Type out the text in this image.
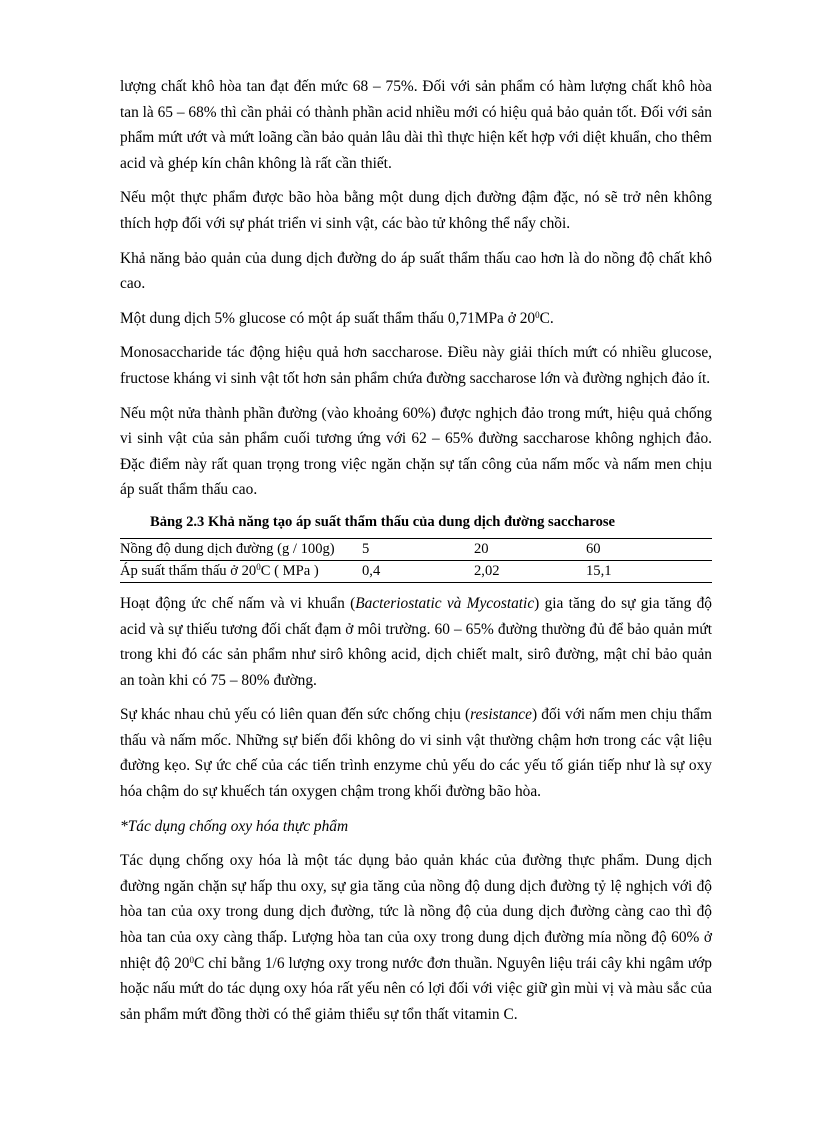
lượng chất khô hòa tan đạt đến mức 68 – 75%. Đối với sản phẩm có hàm lượng chất khô hòa tan là 65 – 68% thì cần phải có thành phần acid nhiều mới có hiệu quả bảo quản tốt. Đối với sản phẩm mứt ướt và mứt loãng cần bảo quản lâu dài thì thực hiện kết hợp với diệt khuẩn, cho thêm acid và ghép kín chân không là rất cần thiết.

Nếu một thực phẩm được bão hòa bằng một dung dịch đường đậm đặc, nó sẽ trở nên không thích hợp đối với sự phát triển vi sinh vật, các bào tử không thể nẩy chồi.

Khả năng bảo quản của dung dịch đường do áp suất thẩm thấu cao hơn là do nồng độ chất khô cao.

Một dung dịch 5% glucose có một áp suất thẩm thấu 0,71MPa ở $20^0C$.

Monosaccharide tác động hiệu quả hơn saccharose. Điều này giải thích mứt có nhiều glucose, fructose kháng vi sinh vật tốt hơn sản phẩm chứa đường saccharose lớn và đường nghịch đảo ít.

Nếu một nửa thành phần đường (vào khoảng 60%) được nghịch đảo trong mứt, hiệu quả chống vi sinh vật của sản phẩm cuối tương ứng với 62 – 65% đường saccharose không nghịch đảo. Đặc điểm này rất quan trọng trong việc ngăn chặn sự tấn công của nấm mốc và nấm men chịu áp suất thẩm thấu cao.

Bảng 2.3 Khả năng tạo áp suất thẩm thấu của dung dịch đường saccharose
Nồng độ dung dịch đường (g / 100g)	5	20	60
Áp suất thẩm thấu ở $20^0C$ ( MPa )	0,4	2,02	15,1

Hoạt động ức chế nấm và vi khuẩn (Bacteriostatic và Mycostatic) gia tăng do sự gia tăng độ acid và sự thiếu tương đối chất đạm ở môi trường. 60 – 65% đường thường đủ để bảo quản mứt trong khi đó các sản phẩm như sirô không acid, dịch chiết malt, sirô đường, mật chỉ bảo quản an toàn khi có 75 – 80% đường.

Sự khác nhau chủ yếu có liên quan đến sức chống chịu (resistance) đối với nấm men chịu thẩm thấu và nấm mốc. Những sự biến đổi không do vi sinh vật thường chậm hơn trong các vật liệu đường kẹo. Sự ức chế của các tiến trình enzyme chủ yếu do các yếu tố gián tiếp như là sự oxy hóa chậm do sự khuếch tán oxygen chậm trong khối đường bão hòa.

*Tác dụng chống oxy hóa thực phẩm

Tác dụng chống oxy hóa là một tác dụng bảo quản khác của đường thực phẩm. Dung dịch đường ngăn chặn sự hấp thu oxy, sự gia tăng của nồng độ dung dịch đường tỷ lệ nghịch với độ hòa tan của oxy trong dung dịch đường, tức là nồng độ của dung dịch đường càng cao thì độ hòa tan của oxy càng thấp. Lượng hòa tan của oxy trong dung dịch đường mía nồng độ 60% ở nhiệt độ $20^0C$ chỉ bằng 1/6 lượng oxy trong nước đơn thuần. Nguyên liệu trái cây khi ngâm ướp hoặc nấu mứt do tác dụng oxy hóa rất yếu nên có lợi đối với việc giữ gìn mùi vị và màu sắc của sản phẩm mứt đồng thời có thể giảm thiểu sự tổn thất vitamin C.
